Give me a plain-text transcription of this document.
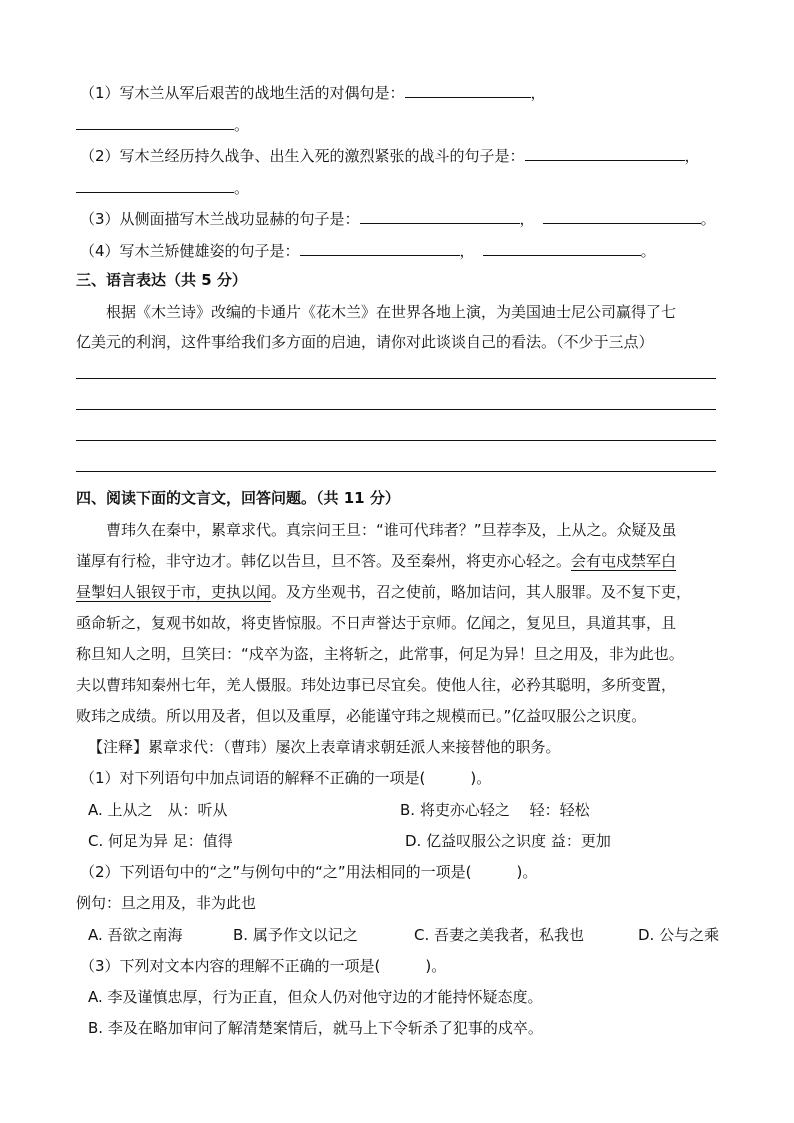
（1）写木兰从军后艰苦的战地生活的对偶句是：	，
。
（2）写木兰经历持久战争、出生入死的激烈紧张的战斗的句子是：	，
。
（3）从侧面描写木兰战功显赫的句子是：	，	。
（4）写木兰矫健雄姿的句子是：	，	。
三、语言表达（共 5 分）
根据《木兰诗》改编的卡通片《花木兰》在世界各地上演，为美国迪士尼公司赢得了七
亿美元的利润，这件事给我们多方面的启迪，请你对此谈谈自己的看法。（不少于三点）
四、阅读下面的文言文，回答问题。（共 11 分）
曹玮久在秦中，累章求代。真宗问王旦：“谁可代玮者？”旦荐李及，上从之。众疑及虽
谨厚有行检，非守边才。韩亿以告旦，旦不答。及至秦州，将吏亦心轻之。会有屯戍禁军白
昼掣妇人银钗于市，吏执以闻。及方坐观书，召之使前，略加诘问，其人服罪。及不复下吏，
亟命斩之，复观书如故，将吏皆惊服。不日声誉达于京师。亿闻之，复见旦，具道其事，且
称旦知人之明，旦笑曰：“戍卒为盗，主将斩之，此常事，何足为异！旦之用及，非为此也。
夫以曹玮知秦州七年，羌人慑服。玮处边事已尽宜矣。使他人往，必矜其聪明，多所变置，
败玮之成绩。所以用及者，但以及重厚，必能谨守玮之规模而已。”亿益叹服公之识度。
【注释】累章求代：（曹玮）屡次上表章请求朝廷派人来接替他的职务。
（1）对下列语句中加点词语的解释不正确的一项是(　　　)。
A. 上从之　从：听从	B. 将吏亦心轻之　 轻：轻松
C. 何足为异 足：值得	D. 亿益叹服公之识度 益：更加
（2）下列语句中的“之”与例句中的“之”用法相同的一项是(　　　)。
例句：旦之用及，非为此也
A. 吾欲之南海	B. 属予作文以记之	C. 吾妻之美我者，私我也	D. 公与之乘
（3）下列对文本内容的理解不正确的一项是(　　　)。
A. 李及谨慎忠厚，行为正直，但众人仍对他守边的才能持怀疑态度。
B. 李及在略加审问了解清楚案情后，就马上下令斩杀了犯事的戍卒。
